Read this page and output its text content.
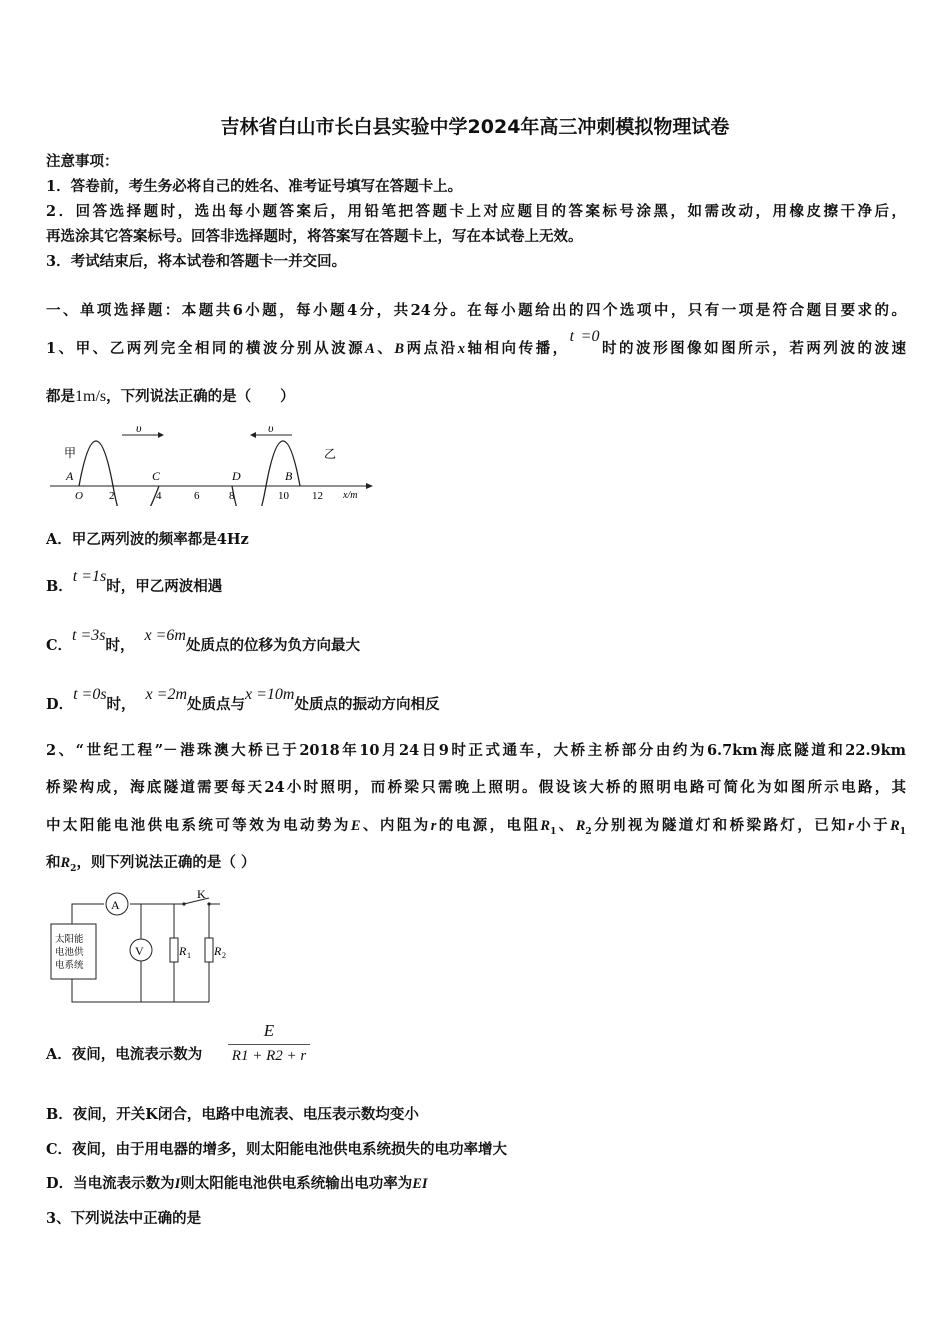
吉林省白山市长白县实验中学2024年高三冲刺模拟物理试卷
注意事项：
1．答卷前，考生务必将自己的姓名、准考证号填写在答题卡上。
2．回答选择题时，选出每小题答案后，用铅笔把答题卡上对应题目的答案标号涂黑，如需改动，用橡皮擦干净后，
再选涂其它答案标号。回答非选择题时，将答案写在答题卡上，写在本试卷上无效。
3．考试结束后，将本试卷和答题卡一并交回。
一、单项选择题：本题共6小题，每小题4分，共24分。在每小题给出的四个选项中，只有一项是符合题目要求的。
1、甲、乙两列完全相同的横波分别从波源A、B两点沿x轴相向传播，t =0时的波形图像如图所示，若两列波的波速
都是1m/s，下列说法正确的是（　　）
υ	υ
甲	乙
A	C	D	B
O 2	4	6	8	10 12 x/m
A．甲乙两列波的频率都是4Hz
B．t =1s时，甲乙两波相遇
C．t =3s时，x =6m处质点的位移为负方向最大
D．t =0s时，x =2m处质点与x =10m处质点的振动方向相反
2、“世纪工程”－港珠澳大桥已于2018年10月24日9时正式通车，大桥主桥部分由约为6.7km海底隧道和22.9km
桥梁构成，海底隧道需要每天24小时照明，而桥梁只需晚上照明。假设该大桥的照明电路可简化为如图所示电路，其
中太阳能电池供电系统可等效为电动势为E、内阻为r的电源，电阻$R_1$、$R_2$分别视为隧道灯和桥梁路灯，已知r小于$R_1$
和$R_2$，则下列说法正确的是（ ）
A
V
K
太阳能
电池供
电系统
R 1 R 2
A．夜间，电流表示数为 $\frac{E}{R1 + R2 + r}$
B．夜间，开关K闭合，电路中电流表、电压表示数均变小
C．夜间，由于用电器的增多，则太阳能电池供电系统损失的电功率增大
D．当电流表示数为I则太阳能电池供电系统输出电功率为EI
3、下列说法中正确的是
